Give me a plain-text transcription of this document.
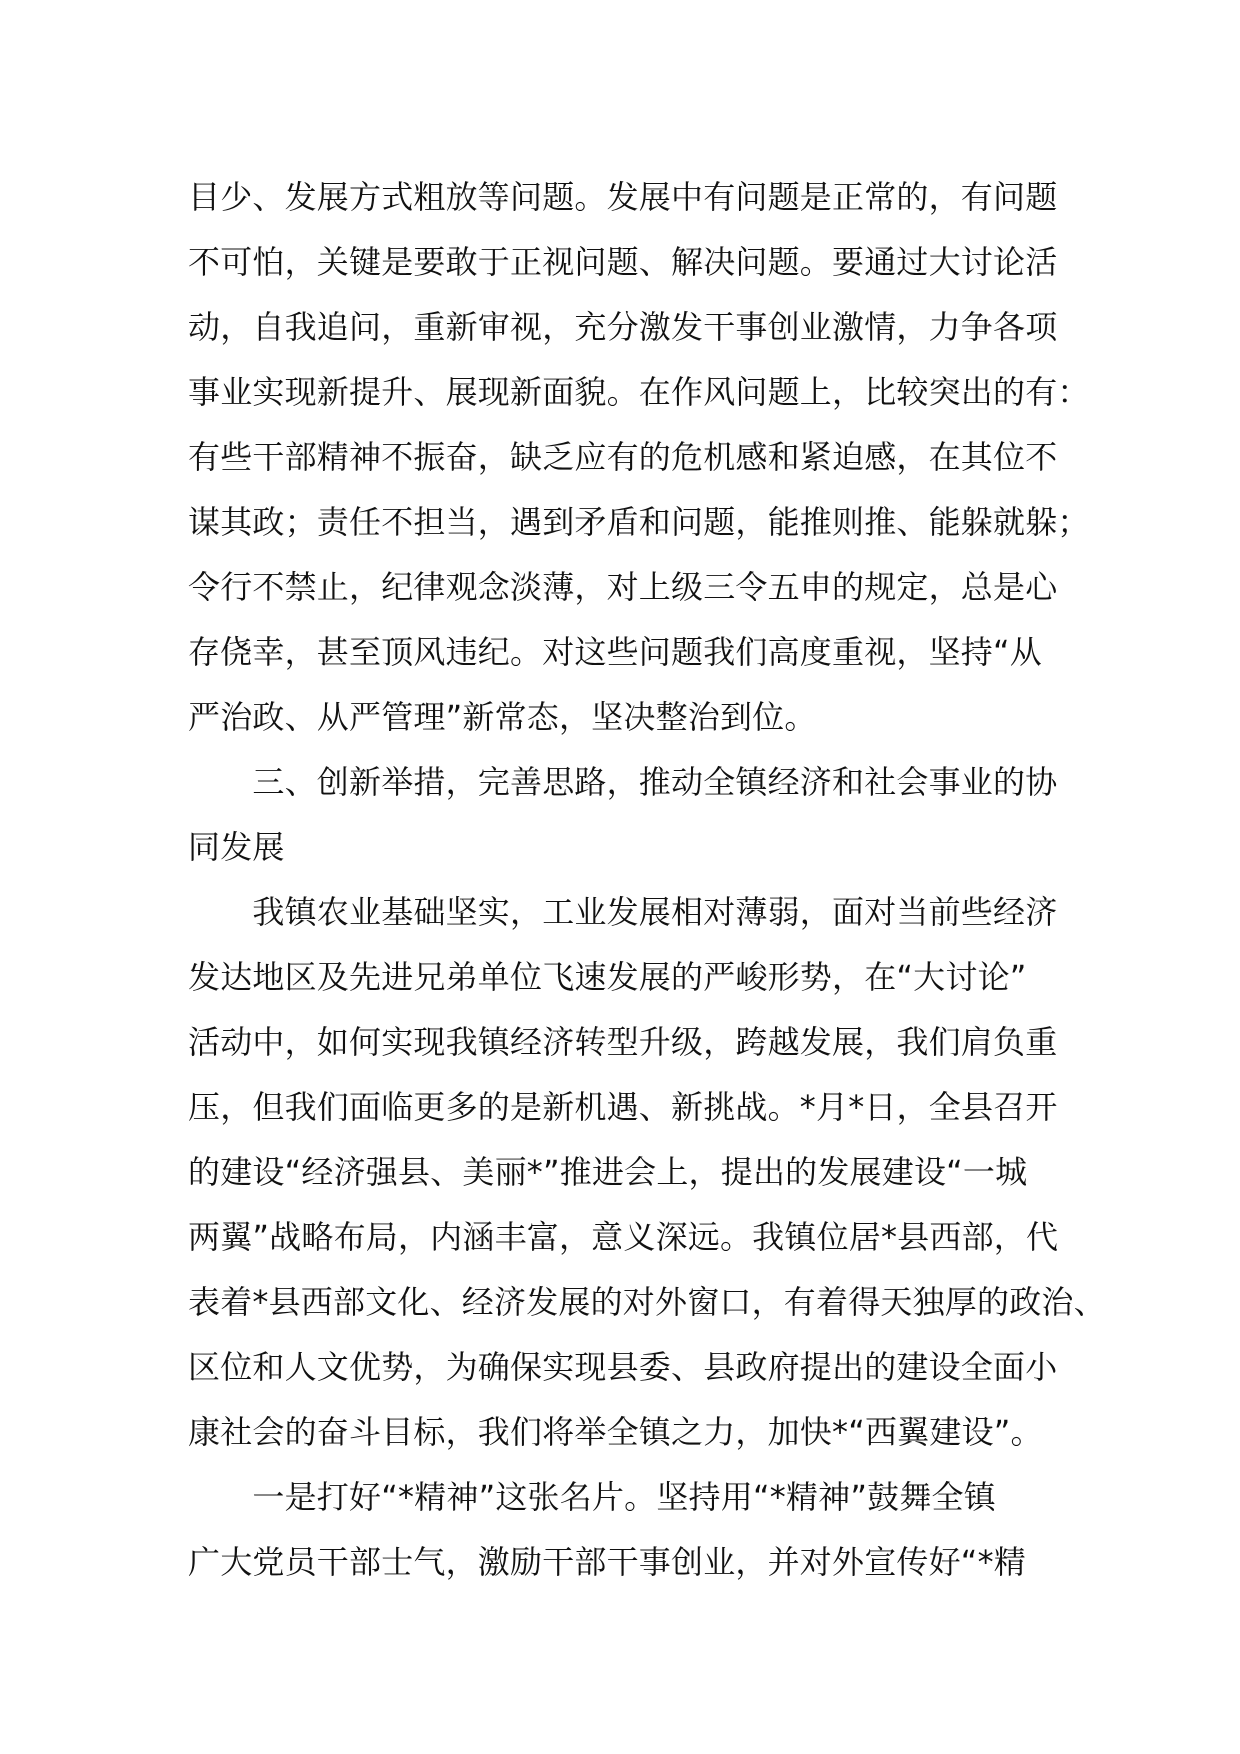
目少、发展方式粗放等问题。发展中有问题是正常的，有问题
不可怕，关键是要敢于正视问题、解决问题。要通过大讨论活
动，自我追问，重新审视，充分激发干事创业激情，力争各项
事业实现新提升、展现新面貌。在作风问题上，比较突出的有：
有些干部精神不振奋，缺乏应有的危机感和紧迫感，在其位不
谋其政；责任不担当，遇到矛盾和问题，能推则推、能躲就躲；
令行不禁止，纪律观念淡薄，对上级三令五申的规定，总是心
存侥幸，甚至顶风违纪。对这些问题我们高度重视，坚持“从
严治政、从严管理”新常态，坚决整治到位。
　　三、创新举措，完善思路，推动全镇经济和社会事业的协
同发展
　　我镇农业基础坚实，工业发展相对薄弱，面对当前些经济
发达地区及先进兄弟单位飞速发展的严峻形势，在“大讨论”
活动中，如何实现我镇经济转型升级，跨越发展，我们肩负重
压，但我们面临更多的是新机遇、新挑战。*月*日，全县召开
的建设“经济强县、美丽*”推进会上，提出的发展建设“一城
两翼”战略布局，内涵丰富，意义深远。我镇位居*县西部，代
表着*县西部文化、经济发展的对外窗口，有着得天独厚的政治、
区位和人文优势，为确保实现县委、县政府提出的建设全面小
康社会的奋斗目标，我们将举全镇之力，加快*“西翼建设”。
　　一是打好“*精神”这张名片。坚持用“*精神”鼓舞全镇
广大党员干部士气，激励干部干事创业，并对外宣传好“*精
